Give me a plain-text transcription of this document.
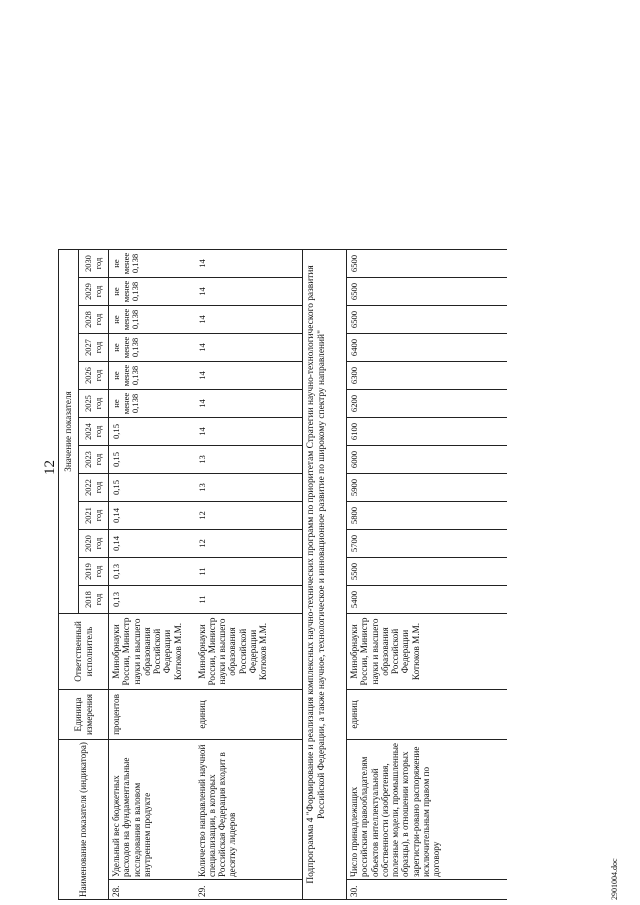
12
Наименование показателя (индикатора)		Единица измерения	Ответственный исполнитель	Значение показателя												
				2018 год	2019 год	2020 год	2021 год	2022 год	2023 год	2024 год	2025 год	2026 год	2027 год	2028 год	2029 год	2030 год
28.	Удельный вес бюджетных расходов на фундаментальные исследования в валовом внутреннем продукте	процентов	Минобрнауки России, Министр науки и высшего образования Российской Федерации Котюков М.М.	0,13	0,13	0,14	0,14	0,15	0,15	0,15	не менее 0,138	не менее 0,138	не менее 0,138	не менее 0,138	не менее 0,138	не менее 0,138
29.	Количество направлений научной специализации, в которых Российская Федерация входит в десятку лидеров	единиц	Минобрнауки России, Министр науки и высшего образования Российской Федерации Котюков М.М.	11	11	12	12	13	13	14	14	14	14	14	14	14
Подпрограмма 4 "Формирование и реализация комплексных научно-технических программ по приоритетам Стратегии научно-технологического развития Российской Федерации, а также научное, технологическое и инновационное развитие по широкому спектру направлений"																
30.	Число принадлежащих российским правообладателям объектов интеллектуальной собственности (изобретения, полезные модели, промышленные образцы), в отношении которых зарегистри-ровано распоряжение исключительным правом по договору	единиц	Минобрнауки России, Министр науки и высшего образования Российской Федерации Котюков М.М.	5400	5500	5700	5800	5900	6000	6100	6200	6300	6400	6500	6500	6500
2901004.doc
